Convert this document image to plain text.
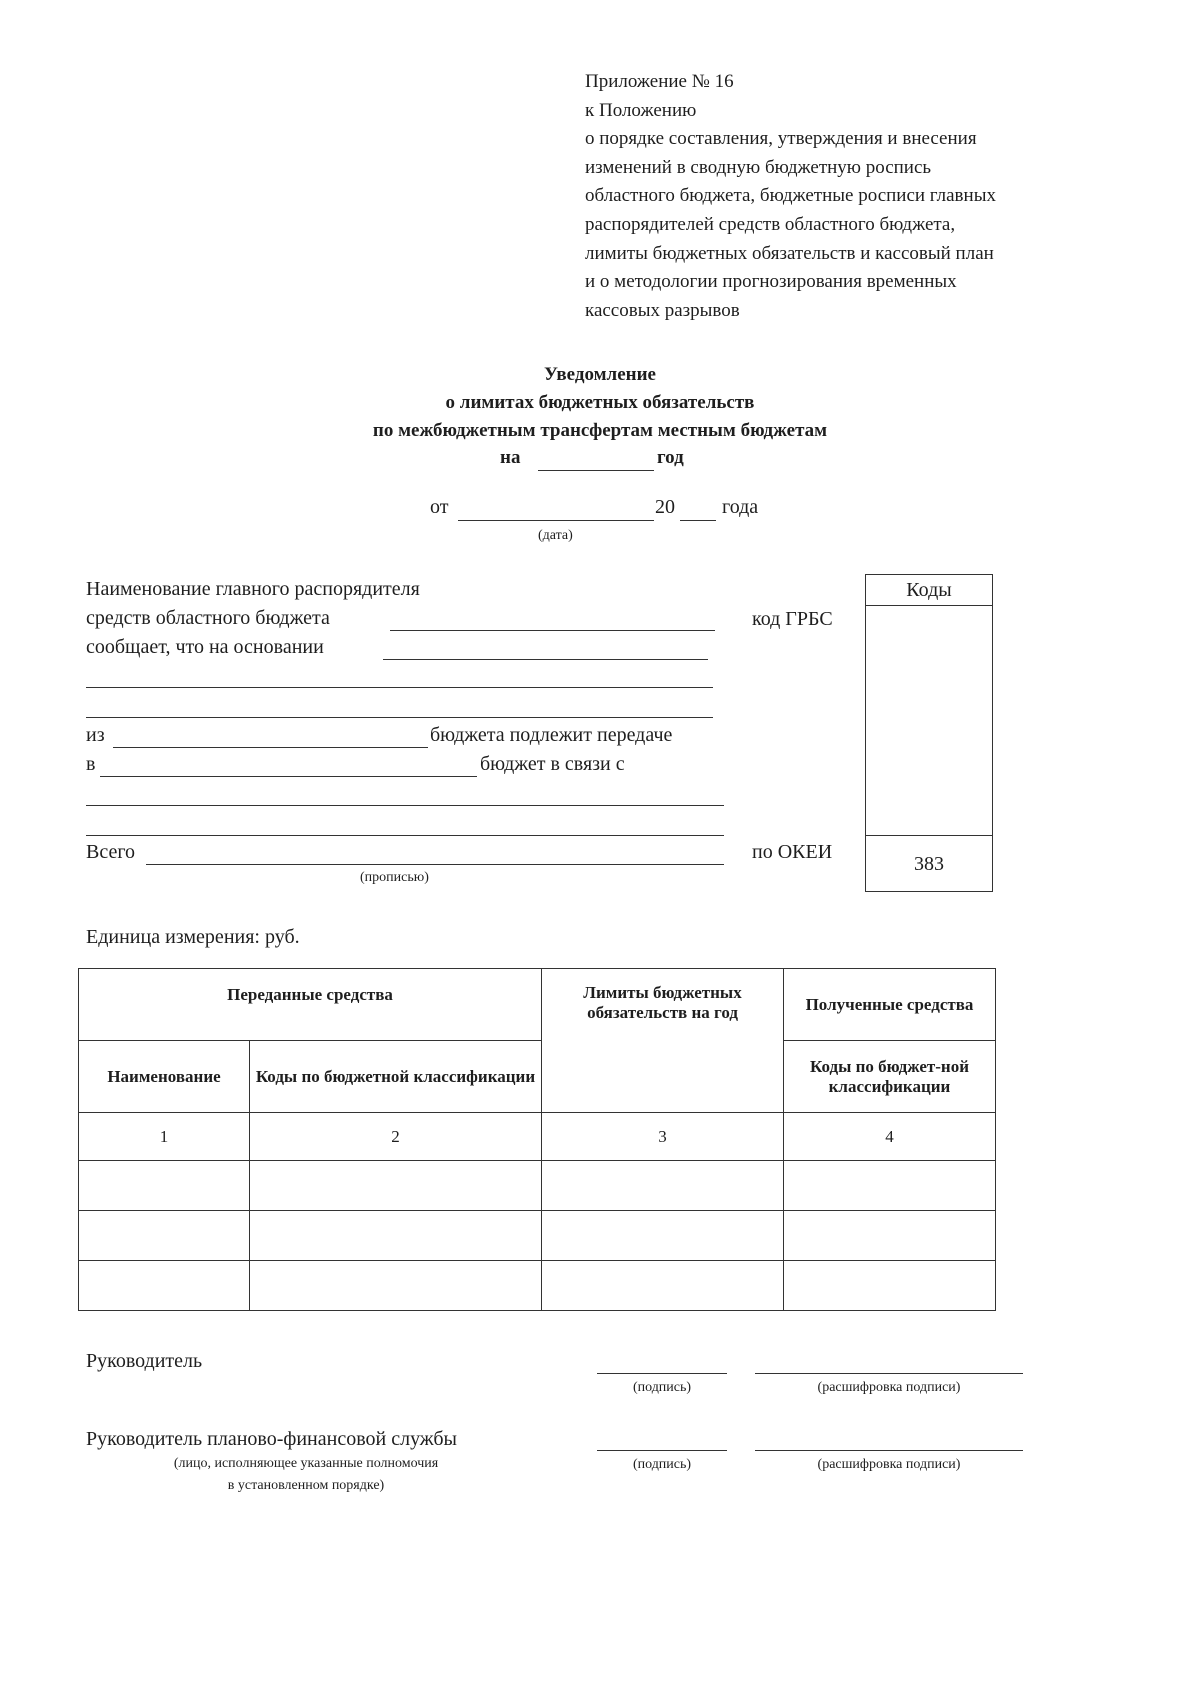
Приложение № 16
к Положению
о порядке составления, утверждения и внесения
изменений в сводную бюджетную роспись
областного бюджета, бюджетные росписи главных
распорядителей средств областного бюджета,
лимиты бюджетных обязательств и кассовый план
и о методологии прогнозирования временных
кассовых разрывов
Уведомление
о лимитах бюджетных обязательств
по межбюджетным трансфертам местным бюджетам
на	год
от	20 года
(дата)
Наименование главного распорядителя
средств областного бюджета
сообщает, что на основании
из	бюджета подлежит передаче
в	бюджет в связи с
Всего
(прописью)
код ГРБС
по ОКЕИ
Коды
383
Единица измерения: руб.
Переданные средства		Лимиты бюджетных обязательств на год	Полученные средства
Наименование	Коды по бюджетной классификации		Коды по бюджет-ной классификации
1	2	3	4

Руководитель
(подпись)	(расшифровка подписи)
Руководитель планово-финансовой службы
(лицо, исполняющее указанные полномочия
в установленном порядке)
(подпись)	(расшифровка подписи)
